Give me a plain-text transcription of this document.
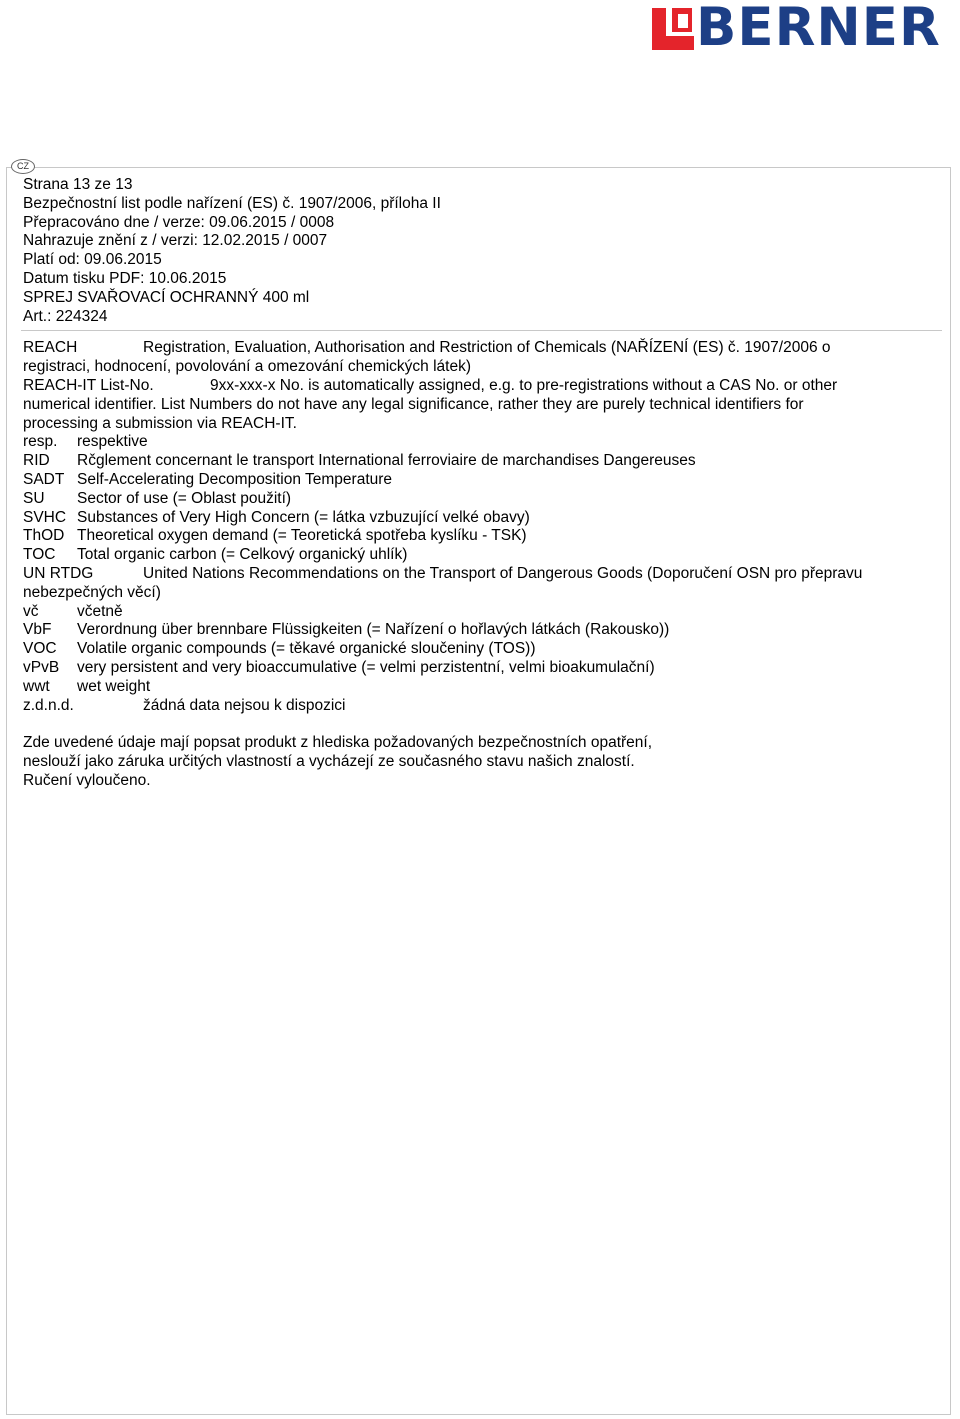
BERNER
CZ
Strana 13 ze 13
Bezpečnostní list podle nařízení (ES) č. 1907/2006, příloha II
Přepracováno dne / verze: 09.06.2015 / 0008
Nahrazuje znění z / verzi: 12.02.2015 / 0007
Platí od: 09.06.2015
Datum tisku PDF: 10.06.2015
SPREJ SVAŘOVACÍ OCHRANNÝ 400 ml
Art.: 224324
REACH	Registration, Evaluation, Authorisation and Restriction of Chemicals (NAŘÍZENÍ (ES) č. 1907/2006 o
registraci, hodnocení, povolování a omezování chemických látek)
REACH-IT List-No.	9xx-xxx-x No. is automatically assigned, e.g. to pre-registrations without a CAS No. or other
numerical identifier. List Numbers do not have any legal significance, rather they are purely technical identifiers for
processing a submission via REACH-IT.
resp. respektive
RID Rčglement concernant le transport International ferroviaire de marchandises Dangereuses
SADT Self-Accelerating Decomposition Temperature
SU Sector of use (= Oblast použití)
SVHC Substances of Very High Concern (= látka vzbuzující velké obavy)
ThOD Theoretical oxygen demand (= Teoretická spotřeba kyslíku - TSK)
TOC Total organic carbon (= Celkový organický uhlík)
UN RTDG	United Nations Recommendations on the Transport of Dangerous Goods (Doporučení OSN pro přepravu
nebezpečných věcí)
vč včetně
VbF Verordnung über brennbare Flüssigkeiten (= Nařízení o hořlavých látkách (Rakousko))
VOC Volatile organic compounds (= těkavé organické sloučeniny (TOS))
vPvB very persistent and very bioaccumulative (= velmi perzistentní, velmi bioakumulační)
wwt wet weight
z.d.n.d.	žádná data nejsou k dispozici
Zde uvedené údaje mají popsat produkt z hlediska požadovaných bezpečnostních opatření,
neslouží jako záruka určitých vlastností a vycházejí ze současného stavu našich znalostí.
Ručení vyloučeno.
